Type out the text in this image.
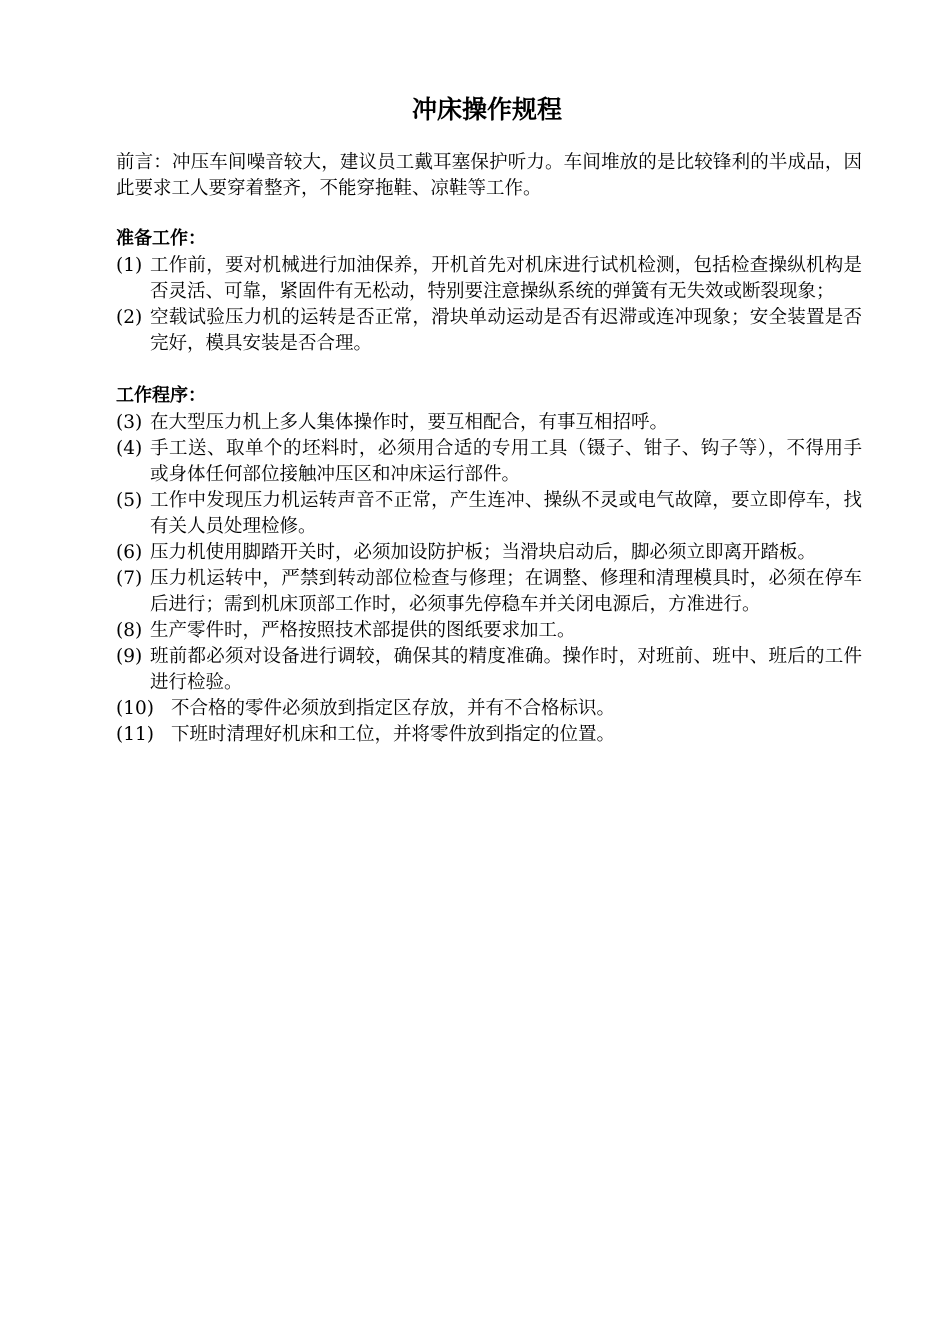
冲床操作规程

前言：冲压车间噪音较大，建议员工戴耳塞保护听力。车间堆放的是比较锋利的半成品，因此要求工人要穿着整齐，不能穿拖鞋、凉鞋等工作。

准备工作：
(1) 工作前，要对机械进行加油保养，开机首先对机床进行试机检测，包括检查操纵机构是否灵活、可靠，紧固件有无松动，特别要注意操纵系统的弹簧有无失效或断裂现象；
(2) 空载试验压力机的运转是否正常，滑块单动运动是否有迟滞或连冲现象；安全装置是否完好，模具安装是否合理。
工作程序：
(3) 在大型压力机上多人集体操作时，要互相配合，有事互相招呼。
(4) 手工送、取单个的坯料时，必须用合适的专用工具（镊子、钳子、钩子等），不得用手或身体任何部位接触冲压区和冲床运行部件。
(5) 工作中发现压力机运转声音不正常，产生连冲、操纵不灵或电气故障，要立即停车，找有关人员处理检修。
(6) 压力机使用脚踏开关时，必须加设防护板；当滑块启动后，脚必须立即离开踏板。
(7) 压力机运转中，严禁到转动部位检查与修理；在调整、修理和清理模具时，必须在停车后进行；需到机床顶部工作时，必须事先停稳车并关闭电源后，方准进行。
(8) 生产零件时，严格按照技术部提供的图纸要求加工。
(9) 班前都必须对设备进行调较，确保其的精度准确。操作时，对班前、班中、班后的工件进行检验。
(10) 不合格的零件必须放到指定区存放，并有不合格标识。
(11) 下班时清理好机床和工位，并将零件放到指定的位置。
